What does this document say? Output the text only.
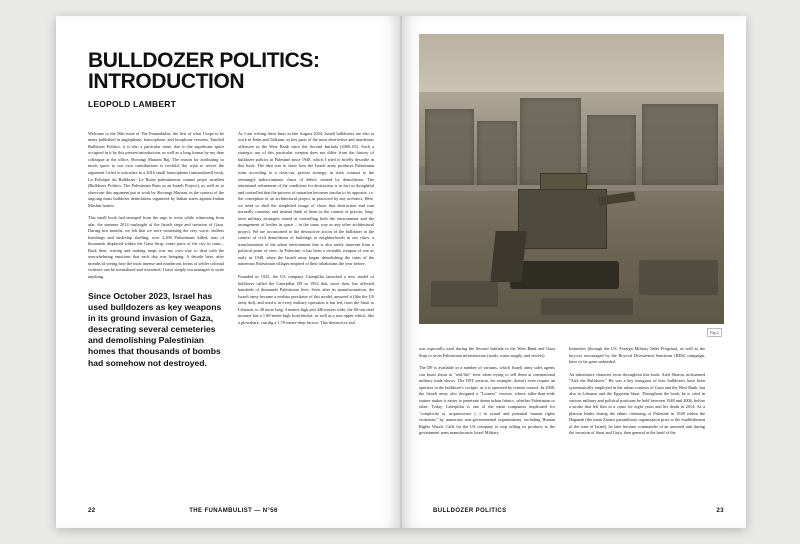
BULLDOZER POLITICS: INTRODUCTION
LEOPOLD LAMBERT

Welcome to the 56th issue of The Funambulist, the first of what I hope to be many published in anglophone, francophone, and lusophone versions. Entitled Bulldozer Politics, it is also a particular issue, due to the significant space occupied in it by this present introduction, as well as a long format by my dear colleague at the office, Shivangi Mariam Raj. The reason for attributing so much space to our own contributions is twofold: the wish to revive the argument I tried to articulate in a 2016 small francophone (untranslated) book, La Politique du Bulldozer: La Ruine palestinienne comme projet israélien (Bulldozer Politics: The Palestinian Ruin as an Israeli Project), as well as to showcase this argument put at work by Shivangi Mariam, in the context of the ongoing mass bulldozer demolitions organized by Indian states against Indian Muslim homes.

This small book had emerged from the urge to write while witnessing from afar, the summer 2014 onslaught of the Israeli siege and invasion of Gaza. During two months, we felt that we were witnessing the very worst: endless bombings and tank/ship shelling, over 2,200 Palestinians killed, tens of thousands displaced within the Gaza Strip, entire parts of the city in ruins... Back then, writing and making maps was my own way to deal with the overwhelming emotions that each day was bringing. A decade later, after months of seeing how the most intense and murderous forms of settler colonial violence can be normalized and worsened, I have simply not managed to write anything.

Since October 2023, Israel has used bulldozers as key weapons in its ground invasion of Gaza, desecrating several cemeteries and demolishing Palestinian homes that thousands of bombs had somehow not destroyed.

As I am writing these lines in late August 2024, Israeli bulldozers are also at work in Jenin and Tulkarm, as key parts of the most destructive and murderous offensive in the West Bank since the Second Intifada (2000–05). Such a strategic use of this particular weapon does not differ from the history of bulldozer politics in Palestine since 1948, which I tried to briefly describe in this book. The idea was to show how the Israeli army produces Palestinian ruins according to a clear-cut, precise strategy, in stark contrast to the seemingly indiscriminate chaos of debris created by demolitions. The intentional refinement of the conditions for destruction is in fact so thoughtful and controlled that the process of ruination becomes similar to its opposite, i.e. the conception of an architectural project as practiced by any architect. Here, we need to shed the simplified image of chaos that destruction and ruin normally contains, and instead think of them in the context of precise, long-term military strategies aimed at controlling both the environment and the arrangement of bodies in space – in the same way as any other architectural project. We are accustomed to the destructive action of the bulldozer in the context of civil demolitions of buildings or neighborhoods in our cities, a transformation of the urban environment that is also rarely innocent from a political point of view. In Palestine, it has been a veritable weapon of war as early as 1948, when the Israeli army began demolishing the ruins of the numerous Palestinian villages emptied of their inhabitants the year before.

Founded in 1925, the US company Caterpillar launched a new model of bulldozer called the Caterpillar D9 in 1954 that, since then, has affected hundreds of thousands Palestinian lives. Soon after its manufacturation, the Israeli army became a zealous purchaser of this model, armored it (like the US army did), and used it in every military operation it has led, from the Sinai to Lebanon, to 48 more long, 4 meters high and 440 meters wide, the 60-ton steel monster has a 1.80-meter-high front bucket, as well as a rear ripper which, like a plowshare, can dig a 1.70-meter-deep furrow. This destructive tool

22	THE FUNAMBULIST — N°56
Fig.1

was especially used during the Second Intifada in the West Bank and Gaza Strip to sever Palestinian infrastructure (roads, water supply, and sewers).

The D9 is available in a number of variants, which Israeli army sales agents can boast about in "real-life" tests when trying to sell them at international military trade shows. The D9T version, for example, doesn't even require an operator in the bulldozer's cockpit, as it is operated by remote control. In 2008, the Israeli army also designed a "Lioness" version, whose taller-than-wide stature makes it easier to penetrate dense urban fabrics, whether Palestinian or other. Today, Caterpillar is one of the main companies implicated for "complicity or acquiescence [...] in actual and potential human rights violations" by numerous non-governmental organizations, including Human Rights Watch. Calls for the US company to stop selling its products to the government arms manufacturer Israel Military

Industries (through the US. Foreign Military Sales Program), as well as the boycott encouraged by the Boycott Divestment Sanctions (BDS) campaign, have so far gone unheeded.

An inheritance character recur throughout this book: Ariel Sharon, nicknamed "Arik the Bulldozer." He was a key instigator of how bulldozers have been systematically employed in the urban contexts of Gaza and the West Bank, but also in Lebanon and the Egyptian Sinai. Throughout the book, he is cited in various military and political positions he held between 1948 and 2006, before a stroke that left him in a coma for eight years and his death in 2014. As a platoon leader during the ethnic cleansing of Palestine in 1948 within the Haganah (the main Zionist paramilitary organization prior to the establishment of the state of Israel), he later became commander of an armored unit during the invasion of Sinai and Gaza, then general at the head of the

BULLDOZER POLITICS	23
